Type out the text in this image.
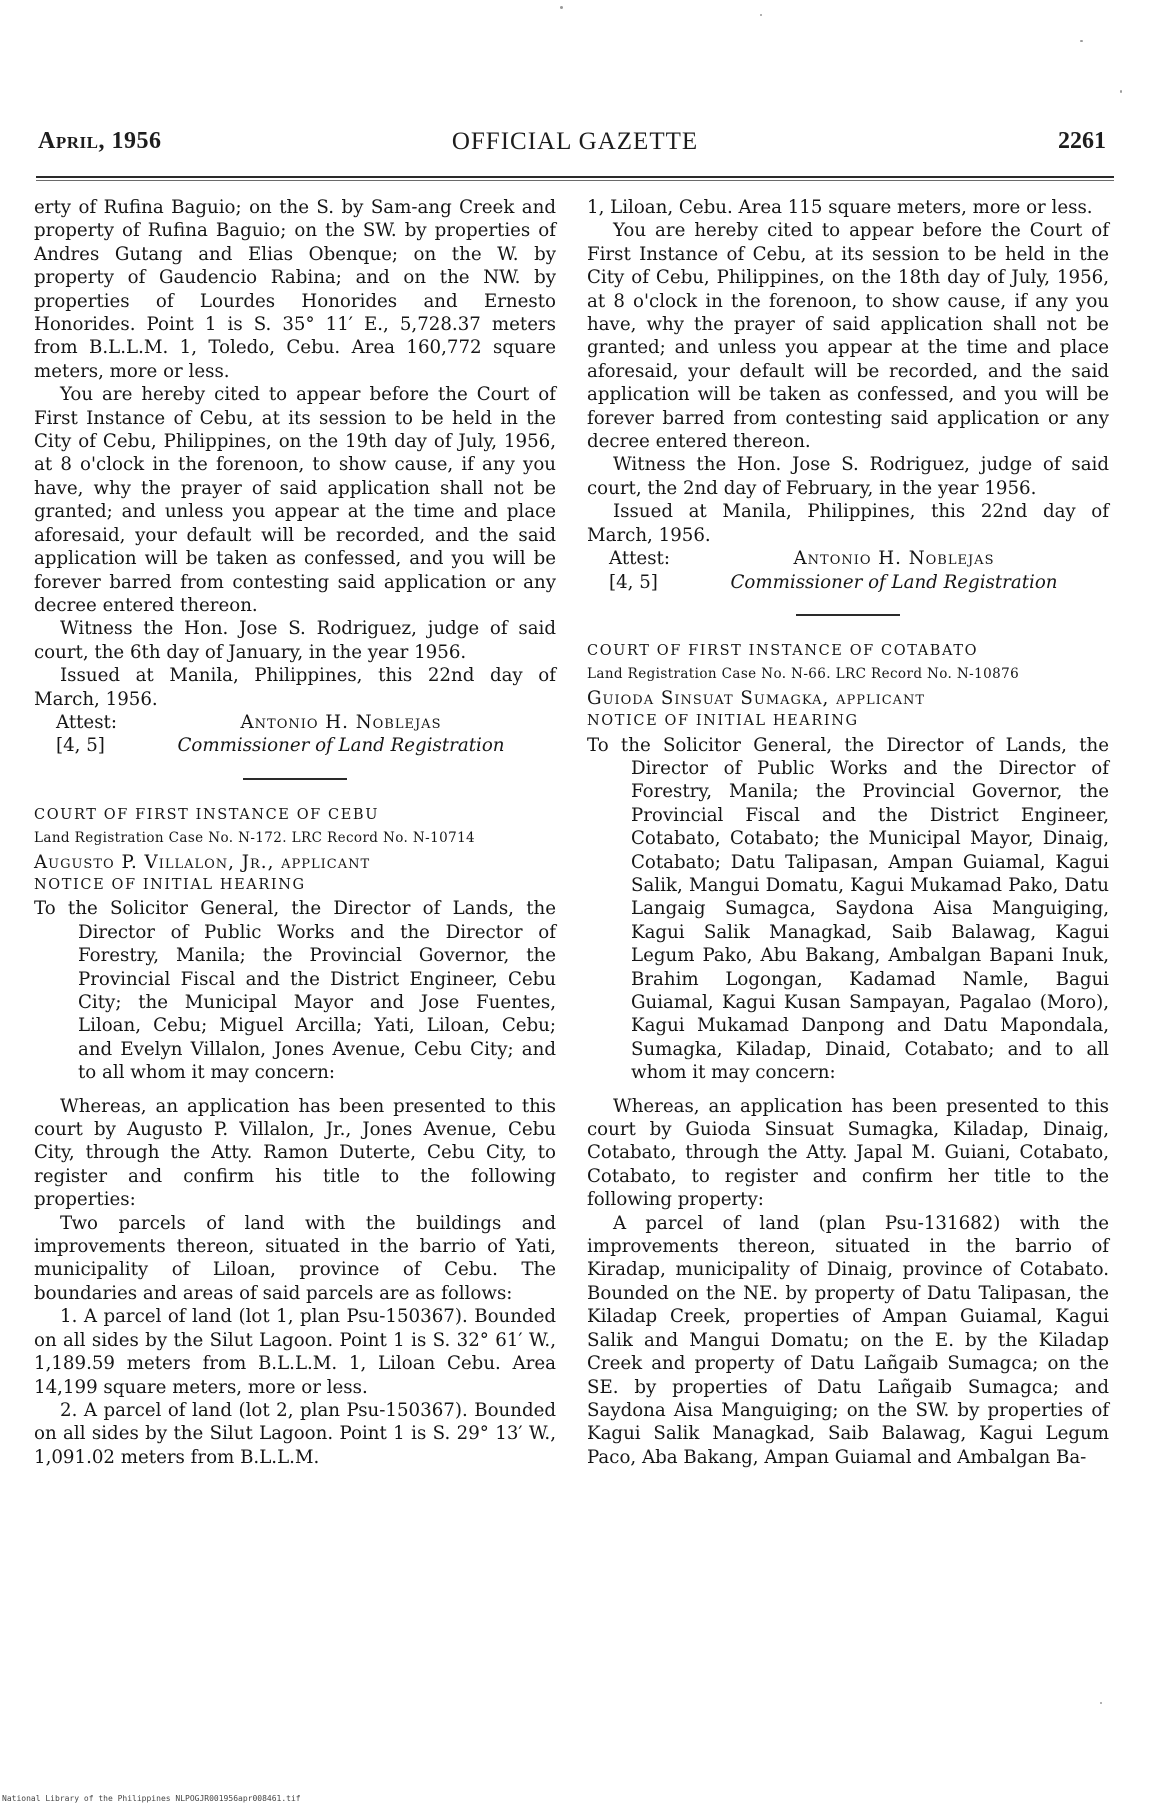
April, 1956	OFFICIAL GAZETTE	2261

erty of Rufina Baguio; on the S. by Sam-ang Creek and property of Rufina Baguio; on the SW. by properties of Andres Gutang and Elias Obenque; on the W. by property of Gaudencio Rabina; and on the NW. by properties of Lourdes Honorides and Ernesto Honorides. Point 1 is S. 35° 11′ E., 5,728.37 meters from B.L.L.M. 1, Toledo, Cebu. Area 160,772 square meters, more or less.

You are hereby cited to appear before the Court of First Instance of Cebu, at its session to be held in the City of Cebu, Philippines, on the 19th day of July, 1956, at 8 o'clock in the forenoon, to show cause, if any you have, why the prayer of said application shall not be granted; and unless you appear at the time and place aforesaid, your default will be recorded, and the said application will be taken as confessed, and you will be forever barred from contesting said application or any decree entered thereon.

Witness the Hon. Jose S. Rodriguez, judge of said court, the 6th day of January, in the year 1956.

Issued at Manila, Philippines, this 22nd day of March, 1956.

Attest:	Antonio H. Noblejas
[4, 5]	Commissioner of Land Registration

COURT OF FIRST INSTANCE OF CEBU

Land Registration Case No. N-172. LRC Record No. N-10714

Augusto P. Villalon, Jr., applicant

NOTICE OF INITIAL HEARING

To the Solicitor General, the Director of Lands, the Director of Public Works and the Director of Forestry, Manila; the Provincial Governor, the Provincial Fiscal and the District Engineer, Cebu City; the Municipal Mayor and Jose Fuentes, Liloan, Cebu; Miguel Arcilla; Yati, Liloan, Cebu; and Evelyn Villalon, Jones Avenue, Cebu City; and to all whom it may concern:

Whereas, an application has been presented to this court by Augusto P. Villalon, Jr., Jones Avenue, Cebu City, through the Atty. Ramon Duterte, Cebu City, to register and confirm his title to the following properties:

Two parcels of land with the buildings and improvements thereon, situated in the barrio of Yati, municipality of Liloan, province of Cebu. The boundaries and areas of said parcels are as follows:

1. A parcel of land (lot 1, plan Psu-150367). Bounded on all sides by the Silut Lagoon. Point 1 is S. 32° 61′ W., 1,189.59 meters from B.L.L.M. 1, Liloan Cebu. Area 14,199 square meters, more or less.

2. A parcel of land (lot 2, plan Psu-150367). Bounded on all sides by the Silut Lagoon. Point 1 is S. 29° 13′ W., 1,091.02 meters from B.L.L.M.

1, Liloan, Cebu. Area 115 square meters, more or less.

You are hereby cited to appear before the Court of First Instance of Cebu, at its session to be held in the City of Cebu, Philippines, on the 18th day of July, 1956, at 8 o'clock in the forenoon, to show cause, if any you have, why the prayer of said application shall not be granted; and unless you appear at the time and place aforesaid, your default will be recorded, and the said application will be taken as confessed, and you will be forever barred from contesting said application or any decree entered thereon.

Witness the Hon. Jose S. Rodriguez, judge of said court, the 2nd day of February, in the year 1956.

Issued at Manila, Philippines, this 22nd day of March, 1956.

Attest:	Antonio H. Noblejas
[4, 5]	Commissioner of Land Registration

COURT OF FIRST INSTANCE OF COTABATO

Land Registration Case No. N-66. LRC Record No. N-10876

Guioda Sinsuat Sumagka, applicant

NOTICE OF INITIAL HEARING

To the Solicitor General, the Director of Lands, the Director of Public Works and the Director of Forestry, Manila; the Provincial Governor, the Provincial Fiscal and the District Engineer, Cotabato, Cotabato; the Municipal Mayor, Dinaig, Cotabato; Datu Talipasan, Ampan Guiamal, Kagui Salik, Mangui Domatu, Kagui Mukamad Pako, Datu Langaig Sumagca, Saydona Aisa Manguiging, Kagui Salik Managkad, Saib Balawag, Kagui Legum Pako, Abu Bakang, Ambalgan Bapani Inuk, Brahim Logongan, Kadamad Namle, Bagui Guiamal, Kagui Kusan Sampayan, Pagalao (Moro), Kagui Mukamad Danpong and Datu Mapondala, Sumagka, Kiladap, Dinaid, Cotabato; and to all whom it may concern:

Whereas, an application has been presented to this court by Guioda Sinsuat Sumagka, Kiladap, Dinaig, Cotabato, through the Atty. Japal M. Guiani, Cotabato, Cotabato, to register and confirm her title to the following property:

A parcel of land (plan Psu-131682) with the improvements thereon, situated in the barrio of Kiradap, municipality of Dinaig, province of Cotabato. Bounded on the NE. by property of Datu Talipasan, the Kiladap Creek, properties of Ampan Guiamal, Kagui Salik and Mangui Domatu; on the E. by the Kiladap Creek and property of Datu Lañgaib Sumagca; on the SE. by properties of Datu Lañgaib Sumagca; and Saydona Aisa Manguiging; on the SW. by properties of Kagui Salik Managkad, Saib Balawag, Kagui Legum Paco, Aba Bakang, Ampan Guiamal and Ambalgan Ba-

National Library of the Philippines NLPOGJR001956apr008461.tif
